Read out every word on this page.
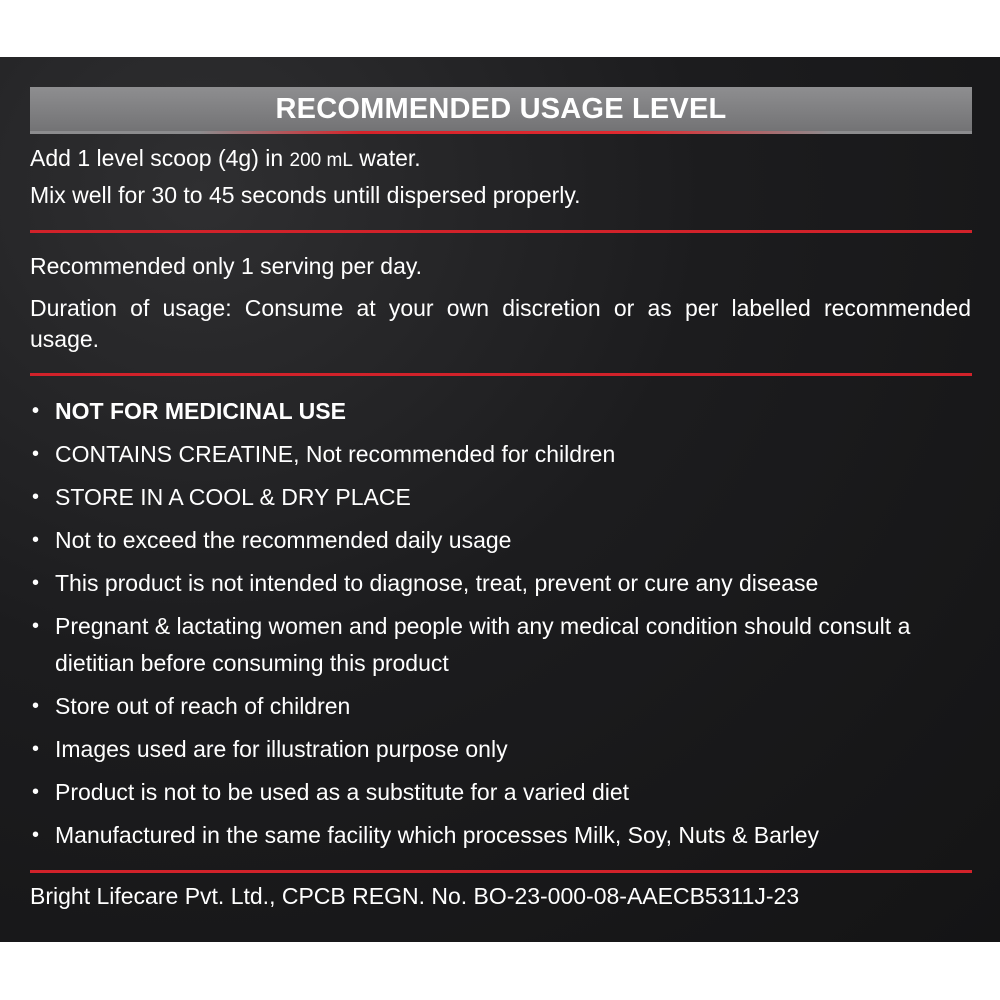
RECOMMENDED USAGE LEVEL
Add 1 level scoop (4g) in 200 mL water.
Mix well for 30 to 45 seconds untill dispersed properly.
Recommended only 1 serving per day.
Duration of usage: Consume at your own discretion or as per labelled recommended usage.
• NOT FOR MEDICINAL USE
• CONTAINS CREATINE, Not recommended for children
• STORE IN A COOL & DRY PLACE
• Not to exceed the recommended daily usage
• This product is not intended to diagnose, treat, prevent or cure any disease
• Pregnant & lactating women and people with any medical condition should consult a dietitian before consuming this product
• Store out of reach of children
• Images used are for illustration purpose only
• Product is not to be used as a substitute for a varied diet
• Manufactured in the same facility which processes Milk, Soy, Nuts & Barley
Bright Lifecare Pvt. Ltd., CPCB REGN. No. BO-23-000-08-AAECB5311J-23
